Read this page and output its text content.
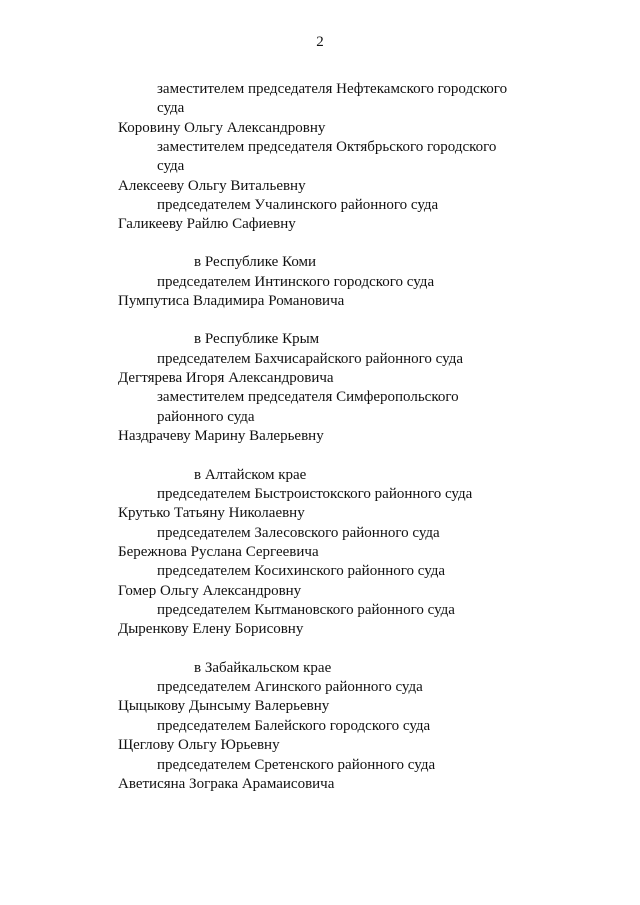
2
заместителем председателя Нефтекамского городского
суда
Коровину Ольгу Александровну
заместителем председателя Октябрьского городского
суда
Алексееву Ольгу Витальевну
председателем Учалинского районного суда
Галикееву Райлю Сафиевну
в Республике Коми
председателем Интинского городского суда
Пумпутиса Владимира Романовича
в Республике Крым
председателем Бахчисарайского районного суда
Дегтярева Игоря Александровича
заместителем председателя Симферопольского
районного суда
Наздрачеву Марину Валерьевну
в Алтайском крае
председателем Быстроистокского районного суда
Крутько Татьяну Николаевну
председателем Залесовского районного суда
Бережнова Руслана Сергеевича
председателем Косихинского районного суда
Гомер Ольгу Александровну
председателем Кытмановского районного суда
Дыренкову Елену Борисовну
в Забайкальском крае
председателем Агинского районного суда
Цыцыкову Дынсыму Валерьевну
председателем Балейского городского суда
Щеглову Ольгу Юрьевну
председателем Сретенского районного суда
Аветисяна Зограка Арамаисовича
